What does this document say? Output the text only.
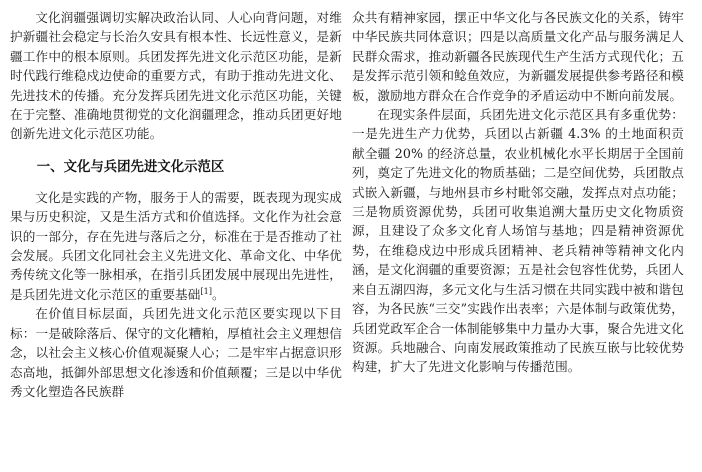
文化润疆强调切实解决政治认同、人心向背问题，对维护新疆社会稳定与长治久安具有根本性、长远性意义，是新疆工作中的根本原则。兵团发挥先进文化示范区功能，是新时代践行维稳戍边使命的重要方式，有助于推动先进文化、先进技术的传播。充分发挥兵团先进文化示范区功能，关键在于完整、准确地贯彻党的文化润疆理念，推动兵团更好地创新先进文化示范区功能。

一、文化与兵团先进文化示范区

文化是实践的产物，服务于人的需要，既表现为现实成果与历史积淀，又是生活方式和价值选择。文化作为社会意识的一部分，存在先进与落后之分，标准在于是否推动了社会发展。兵团文化同社会主义先进文化、革命文化、中华优秀传统文化等一脉相承，在指引兵团发展中展现出先进性，是兵团先进文化示范区的重要基础[1]。

在价值目标层面，兵团先进文化示范区要实现以下目标：一是破除落后、保守的文化糟粕，厚植社会主义理想信念，以社会主义核心价值观凝聚人心；二是牢牢占据意识形态高地，抵御外部思想文化渗透和价值颠覆；三是以中华优秀文化塑造各民族群

众共有精神家园，摆正中华文化与各民族文化的关系，铸牢中华民族共同体意识；四是以高质量文化产品与服务满足人民群众需求，推动新疆各民族现代生产生活方式现代化；五是发挥示范引领和鲶鱼效应，为新疆发展提供参考路径和模板，激励地方群众在合作竞争的矛盾运动中不断向前发展。

在现实条件层面，兵团先进文化示范区具有多重优势：一是先进生产力优势，兵团以占新疆 4.3% 的土地面积贡献全疆 20% 的经济总量，农业机械化水平长期居于全国前列，奠定了先进文化的物质基础；二是空间优势，兵团散点式嵌入新疆，与地州县市乡村毗邻交融，发挥点对点功能；三是物质资源优势，兵团可收集追溯大量历史文化物质资源，且建设了众多文化育人场馆与基地；四是精神资源优势，在维稳戍边中形成兵团精神、老兵精神等精神文化内涵，是文化润疆的重要资源；五是社会包容性优势，兵团人来自五湖四海，多元文化与生活习惯在共同实践中被和谐包容，为各民族“三交”实践作出表率；六是体制与政策优势，兵团党政军企合一体制能够集中力量办大事，聚合先进文化资源。兵地融合、向南发展政策推动了民族互嵌与比较优势构建，扩大了先进文化影响与传播范围。
